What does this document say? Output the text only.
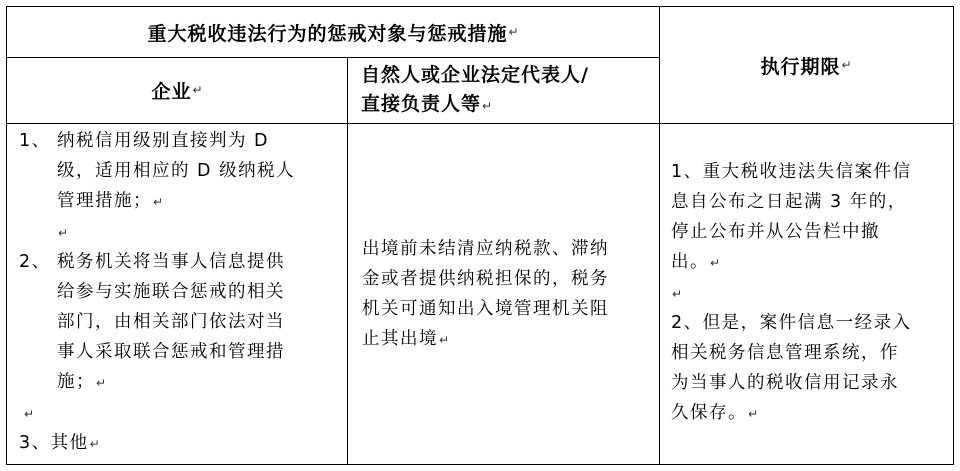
重大税收违法行为的惩戒对象与惩戒措施 ↵
企业 ↵
自然人或企业法定代表人/
直接负责人等↵
执行期限 ↵
1、 纳税信用级别直接判为 D
级，适用相应的 D 级纳税人
管理措施；↵
↵
2、 税务机关将当事人信息提供
给参与实施联合惩戒的相关
部门，由相关部门依法对当
事人采取联合惩戒和管理措
施；↵
↵
3、其他↵
出境前未结清应纳税款、滞纳
金或者提供纳税担保的，税务
机关可通知出入境管理机关阻
止其出境↵
1、重大税收违法失信案件信
息自公布之日起满 3 年的，
停止公布并从公告栏中撤
出。↵
↵
2、但是，案件信息一经录入
相关税务信息管理系统，作
为当事人的税收信用记录永
久保存。↵
